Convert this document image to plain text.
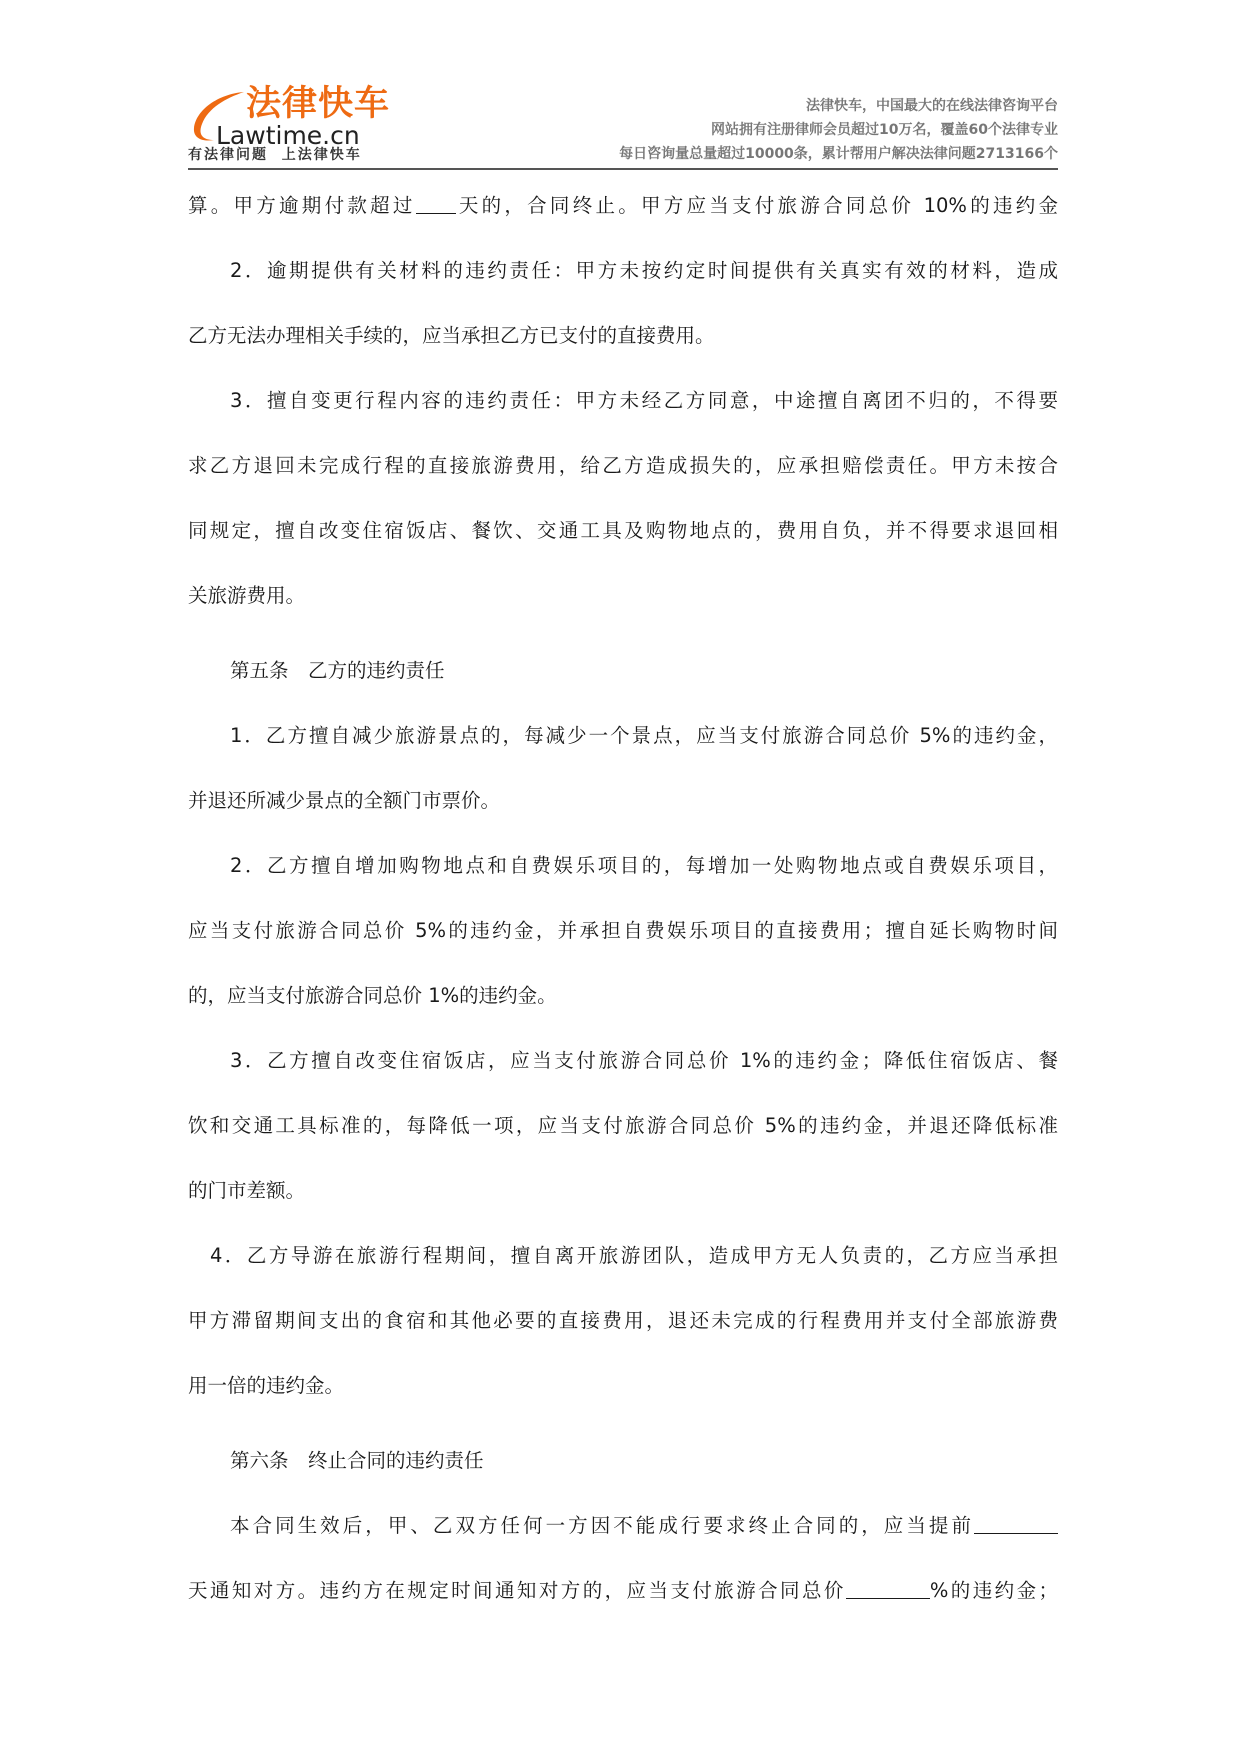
法律快车
Lawtime.cn
有法律问题  上法律快车
法律快车，中国最大的在线法律咨询平台
网站拥有注册律师会员超过10万名，覆盖60个法律专业
每日咨询量总量超过10000条，累计帮用户解决法律问题2713166个
算。甲方逾期付款超过 天的，合同终止。甲方应当支付旅游合同总价 10%的违约金
2．逾期提供有关材料的违约责任：甲方未按约定时间提供有关真实有效的材料，造成
乙方无法办理相关手续的，应当承担乙方已支付的直接费用。
3．擅自变更行程内容的违约责任：甲方未经乙方同意，中途擅自离团不归的，不得要
求乙方退回未完成行程的直接旅游费用，给乙方造成损失的，应承担赔偿责任。甲方未按合
同规定，擅自改变住宿饭店、餐饮、交通工具及购物地点的，费用自负，并不得要求退回相
关旅游费用。
第五条　乙方的违约责任
1．乙方擅自减少旅游景点的，每减少一个景点，应当支付旅游合同总价 5%的违约金，
并退还所减少景点的全额门市票价。
2．乙方擅自增加购物地点和自费娱乐项目的，每增加一处购物地点或自费娱乐项目，
应当支付旅游合同总价 5%的违约金，并承担自费娱乐项目的直接费用；擅自延长购物时间
的，应当支付旅游合同总价 1%的违约金。
3．乙方擅自改变住宿饭店，应当支付旅游合同总价 1%的违约金；降低住宿饭店、餐
饮和交通工具标准的，每降低一项，应当支付旅游合同总价 5%的违约金，并退还降低标准
的门市差额。
4．乙方导游在旅游行程期间，擅自离开旅游团队，造成甲方无人负责的，乙方应当承担
甲方滞留期间支出的食宿和其他必要的直接费用，退还未完成的行程费用并支付全部旅游费
用一倍的违约金。
第六条　终止合同的违约责任
本合同生效后，甲、乙双方任何一方因不能成行要求终止合同的，应当提前
天通知对方。违约方在规定时间通知对方的，应当支付旅游合同总价	%的违约金；
